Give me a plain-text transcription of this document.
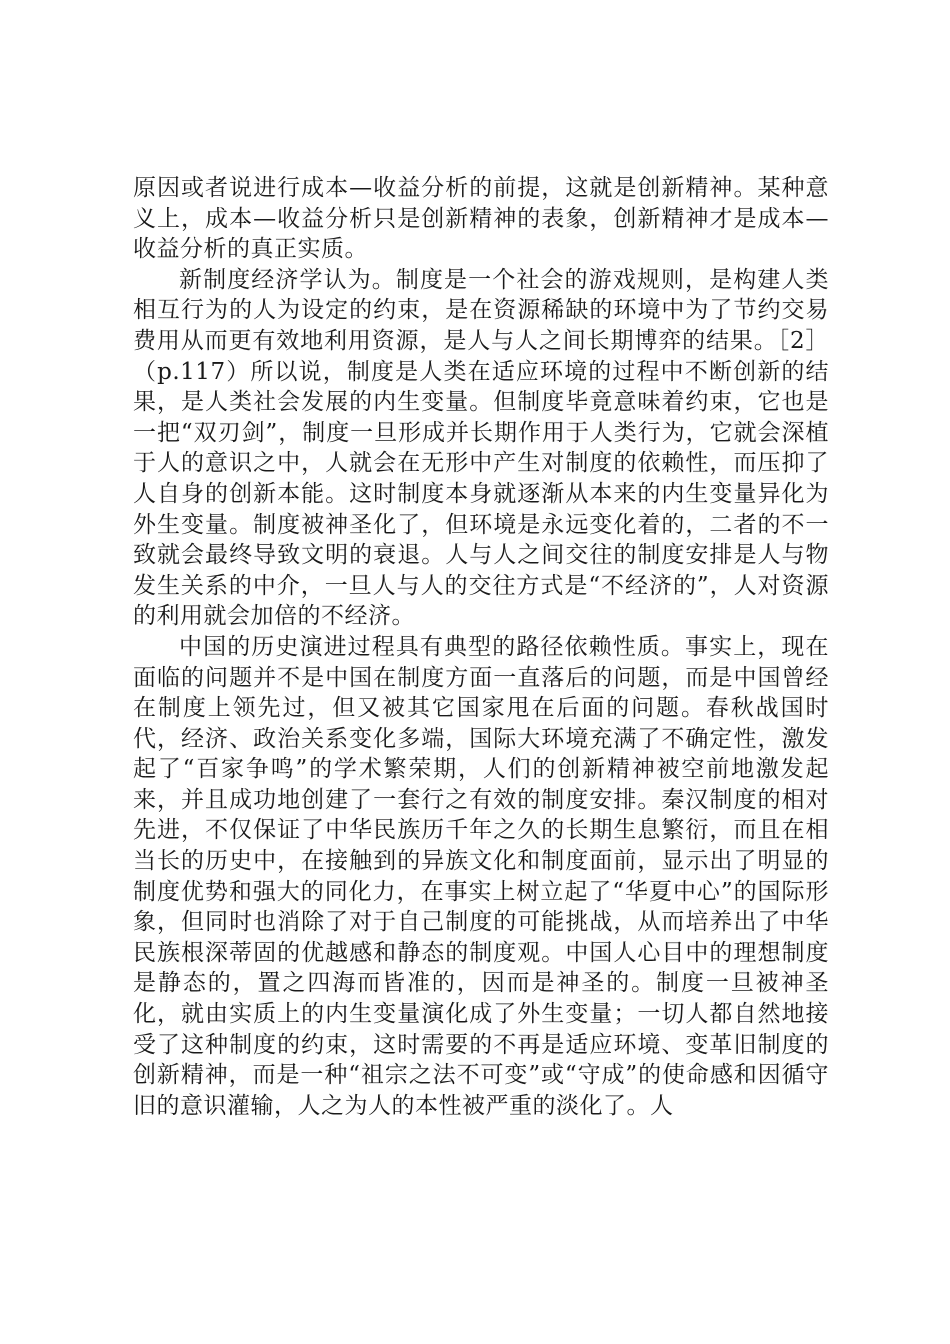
原因或者说进行成本—收益分析的前提，这就是创新精神。某种意义上，成本—收益分析只是创新精神的表象，创新精神才是成本—收益分析的真正实质。

新制度经济学认为。制度是一个社会的游戏规则，是构建人类相互行为的人为设定的约束，是在资源稀缺的环境中为了节约交易费用从而更有效地利用资源，是人与人之间长期博弈的结果。［2］（p.117）所以说，制度是人类在适应环境的过程中不断创新的结果，是人类社会发展的内生变量。但制度毕竟意味着约束，它也是一把“双刃剑”，制度一旦形成并长期作用于人类行为，它就会深植于人的意识之中，人就会在无形中产生对制度的依赖性，而压抑了人自身的创新本能。这时制度本身就逐渐从本来的内生变量异化为外生变量。制度被神圣化了，但环境是永远变化着的，二者的不一致就会最终导致文明的衰退。人与人之间交往的制度安排是人与物发生关系的中介，一旦人与人的交往方式是“不经济的”，人对资源的利用就会加倍的不经济。

中国的历史演进过程具有典型的路径依赖性质。事实上，现在面临的问题并不是中国在制度方面一直落后的问题，而是中国曾经在制度上领先过，但又被其它国家甩在后面的问题。春秋战国时代，经济、政治关系变化多端，国际大环境充满了不确定性，激发起了“百家争鸣”的学术繁荣期，人们的创新精神被空前地激发起来，并且成功地创建了一套行之有效的制度安排。秦汉制度的相对先进，不仅保证了中华民族历千年之久的长期生息繁衍，而且在相当长的历史中，在接触到的异族文化和制度面前，显示出了明显的制度优势和强大的同化力，在事实上树立起了“华夏中心”的国际形象，但同时也消除了对于自己制度的可能挑战，从而培养出了中华民族根深蒂固的优越感和静态的制度观。中国人心目中的理想制度是静态的，置之四海而皆准的，因而是神圣的。制度一旦被神圣化，就由实质上的内生变量演化成了外生变量；一切人都自然地接受了这种制度的约束，这时需要的不再是适应环境、变革旧制度的创新精神，而是一种“祖宗之法不可变”或“守成”的使命感和因循守旧的意识灌输，人之为人的本性被严重的淡化了。人
